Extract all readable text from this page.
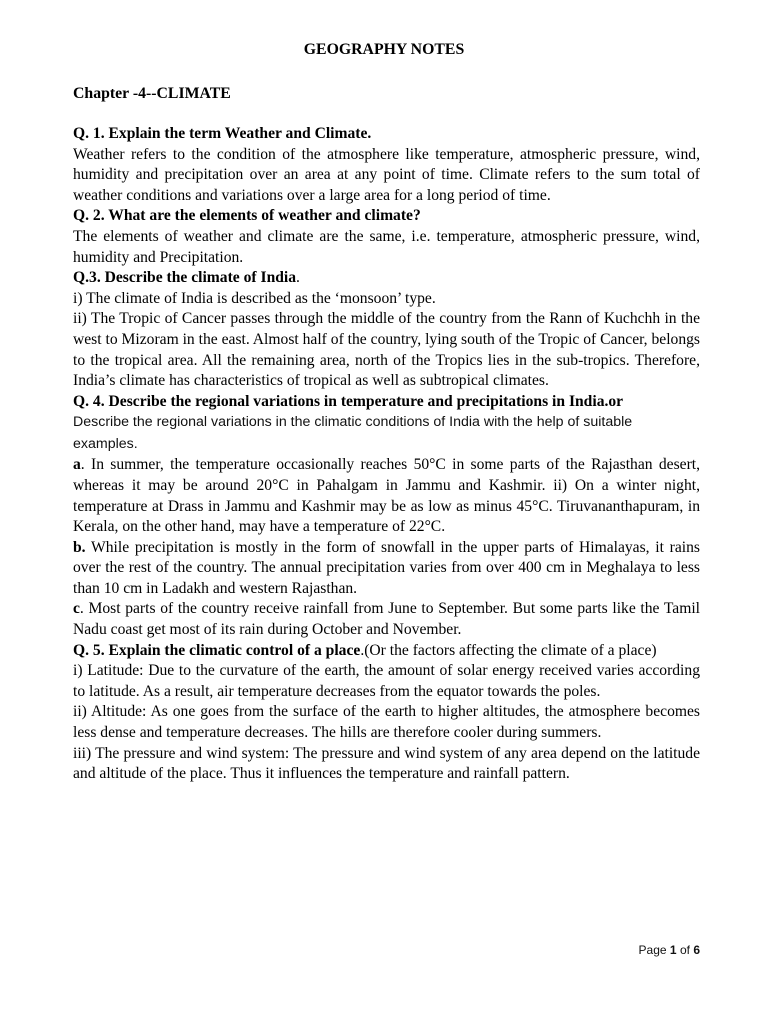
GEOGRAPHY NOTES
Chapter -4--CLIMATE

Q. 1. Explain the term Weather and Climate.

Weather refers to the condition of the atmosphere like temperature, atmospheric pressure, wind, humidity and precipitation over an area at any point of time. Climate refers to the sum total of weather conditions and variations over a large area for a long period of time.

Q. 2. What are the elements of weather and climate?

The elements of weather and climate are the same, i.e. temperature, atmospheric pressure, wind, humidity and Precipitation.

Q.3. Describe the climate of India.

i) The climate of India is described as the ‘monsoon’ type.

ii) The Tropic of Cancer passes through the middle of the country from the Rann of Kuchchh in the west to Mizoram in the east. Almost half of the country, lying south of the Tropic of Cancer, belongs to the tropical area. All the remaining area, north of the Tropics lies in the sub-tropics. Therefore, India’s climate has characteristics of tropical as well as subtropical climates.

Q. 4. Describe the regional variations in temperature and precipitations in India.or

Describe the regional variations in the climatic conditions of India with the help of suitable examples.

a. In summer, the temperature occasionally reaches 50°C in some parts of the Rajasthan desert, whereas it may be around 20°C in Pahalgam in Jammu and Kashmir. ii) On a winter night, temperature at Drass in Jammu and Kashmir may be as low as minus 45°C. Tiruvananthapuram, in Kerala, on the other hand, may have a temperature of 22°C.

b. While precipitation is mostly in the form of snowfall in the upper parts of Himalayas, it rains over the rest of the country. The annual precipitation varies from over 400 cm in Meghalaya to less than 10 cm in Ladakh and western Rajasthan.

c. Most parts of the country receive rainfall from June to September. But some parts like the Tamil Nadu coast get most of its rain during October and November.

Q. 5. Explain the climatic control of a place.(Or the factors affecting the climate of a place)

i) Latitude: Due to the curvature of the earth, the amount of solar energy received varies according to latitude. As a result, air temperature decreases from the equator towards the poles.

ii) Altitude: As one goes from the surface of the earth to higher altitudes, the atmosphere becomes less dense and temperature decreases. The hills are therefore cooler during summers.

iii) The pressure and wind system: The pressure and wind system of any area depend on the latitude and altitude of the place. Thus it influences the temperature and rainfall pattern.

Page 1 of 6
